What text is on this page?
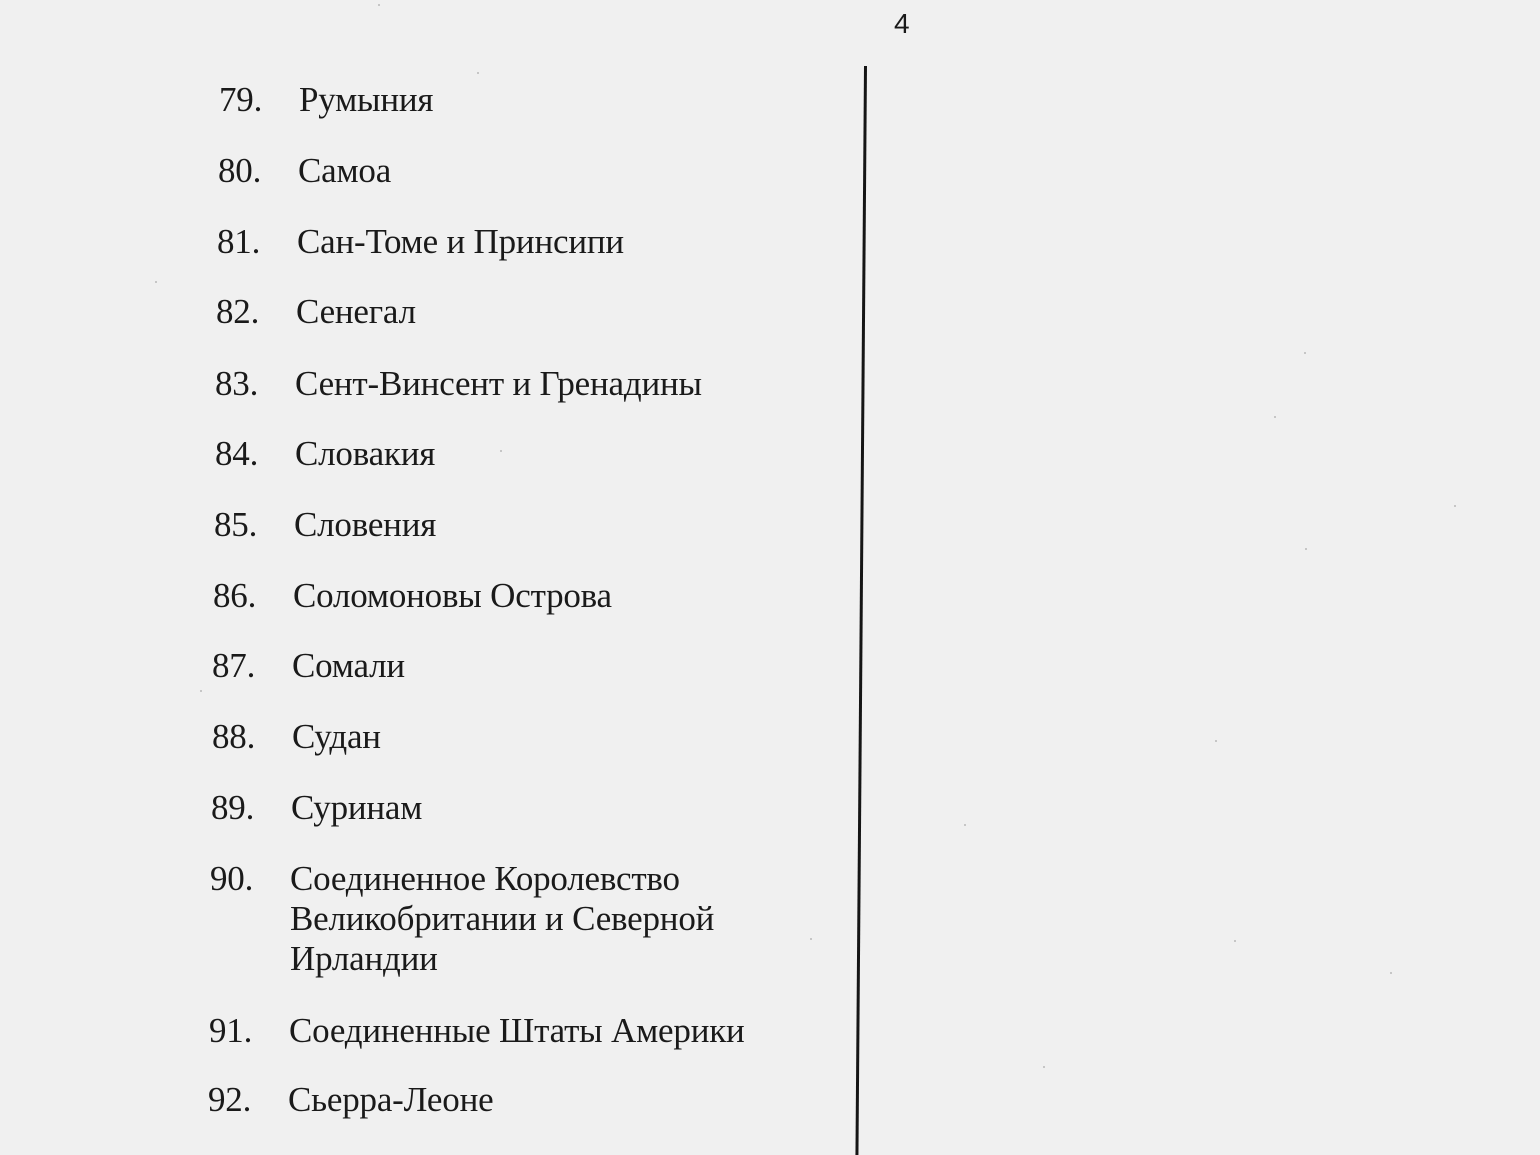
4
79. Румыния
80. Самоа
81. Сан-Томе и Принсипи
82. Сенегал
83. Сент-Винсент и Гренадины
84. Словакия
85. Словения
86. Соломоновы Острова
87. Сомали
88. Судан
89. Суринам
90. Соединенное Королевство
Великобритании и Северной
Ирландии
91. Соединенные Штаты Америки
92. Сьерра-Леоне
